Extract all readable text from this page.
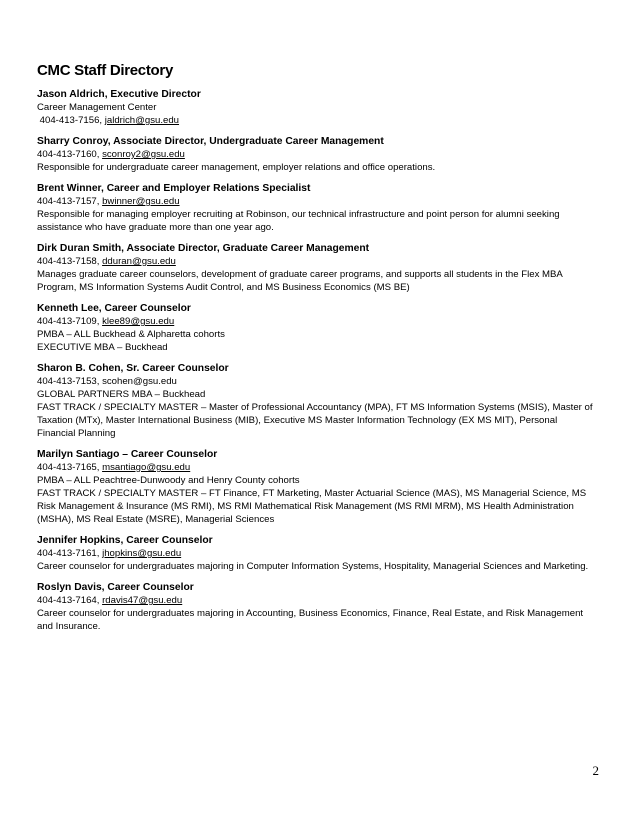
CMC Staff Directory
Jason Aldrich, Executive Director
Career Management Center
404-413-7156, jaldrich@gsu.edu
Sharry Conroy, Associate Director, Undergraduate Career Management
404-413-7160, sconroy2@gsu.edu
Responsible for undergraduate career management, employer relations and office operations.
Brent Winner, Career and Employer Relations Specialist
404-413-7157, bwinner@gsu.edu
Responsible for managing employer recruiting at Robinson, our technical infrastructure and point person for alumni seeking assistance who have graduate more than one year ago.
Dirk Duran Smith, Associate Director, Graduate Career Management
404-413-7158, dduran@gsu.edu
Manages graduate career counselors, development of graduate career programs, and supports all students in the Flex MBA Program, MS Information Systems Audit Control, and MS Business Economics (MS BE)
Kenneth Lee, Career Counselor
404-413-7109, klee89@gsu.edu
PMBA – ALL Buckhead & Alpharetta cohorts
EXECUTIVE MBA – Buckhead
Sharon B. Cohen, Sr. Career Counselor
404-413-7153, scohen@gsu.edu
GLOBAL PARTNERS MBA – Buckhead
FAST TRACK / SPECIALTY MASTER – Master of Professional Accountancy (MPA), FT MS Information Systems (MSIS), Master of Taxation (MTx), Master International Business (MIB), Executive MS Master Information Technology (EX MS MIT), Personal Financial Planning
Marilyn Santiago – Career Counselor
404-413-7165, msantiago@gsu.edu
PMBA – ALL Peachtree-Dunwoody and Henry County cohorts
FAST TRACK / SPECIALTY MASTER – FT Finance, FT Marketing, Master Actuarial Science (MAS), MS Managerial Science, MS Risk Management & Insurance (MS RMI), MS RMI Mathematical Risk Management (MS RMI MRM), MS Health Administration (MSHA), MS Real Estate (MSRE), Managerial Sciences
Jennifer Hopkins, Career Counselor
404-413-7161, jhopkins@gsu.edu
Career counselor for undergraduates majoring in Computer Information Systems, Hospitality, Managerial Sciences and Marketing.
Roslyn Davis, Career Counselor
404-413-7164, rdavis47@gsu.edu
Career counselor for undergraduates majoring in Accounting, Business Economics, Finance, Real Estate, and Risk Management and Insurance.
2
